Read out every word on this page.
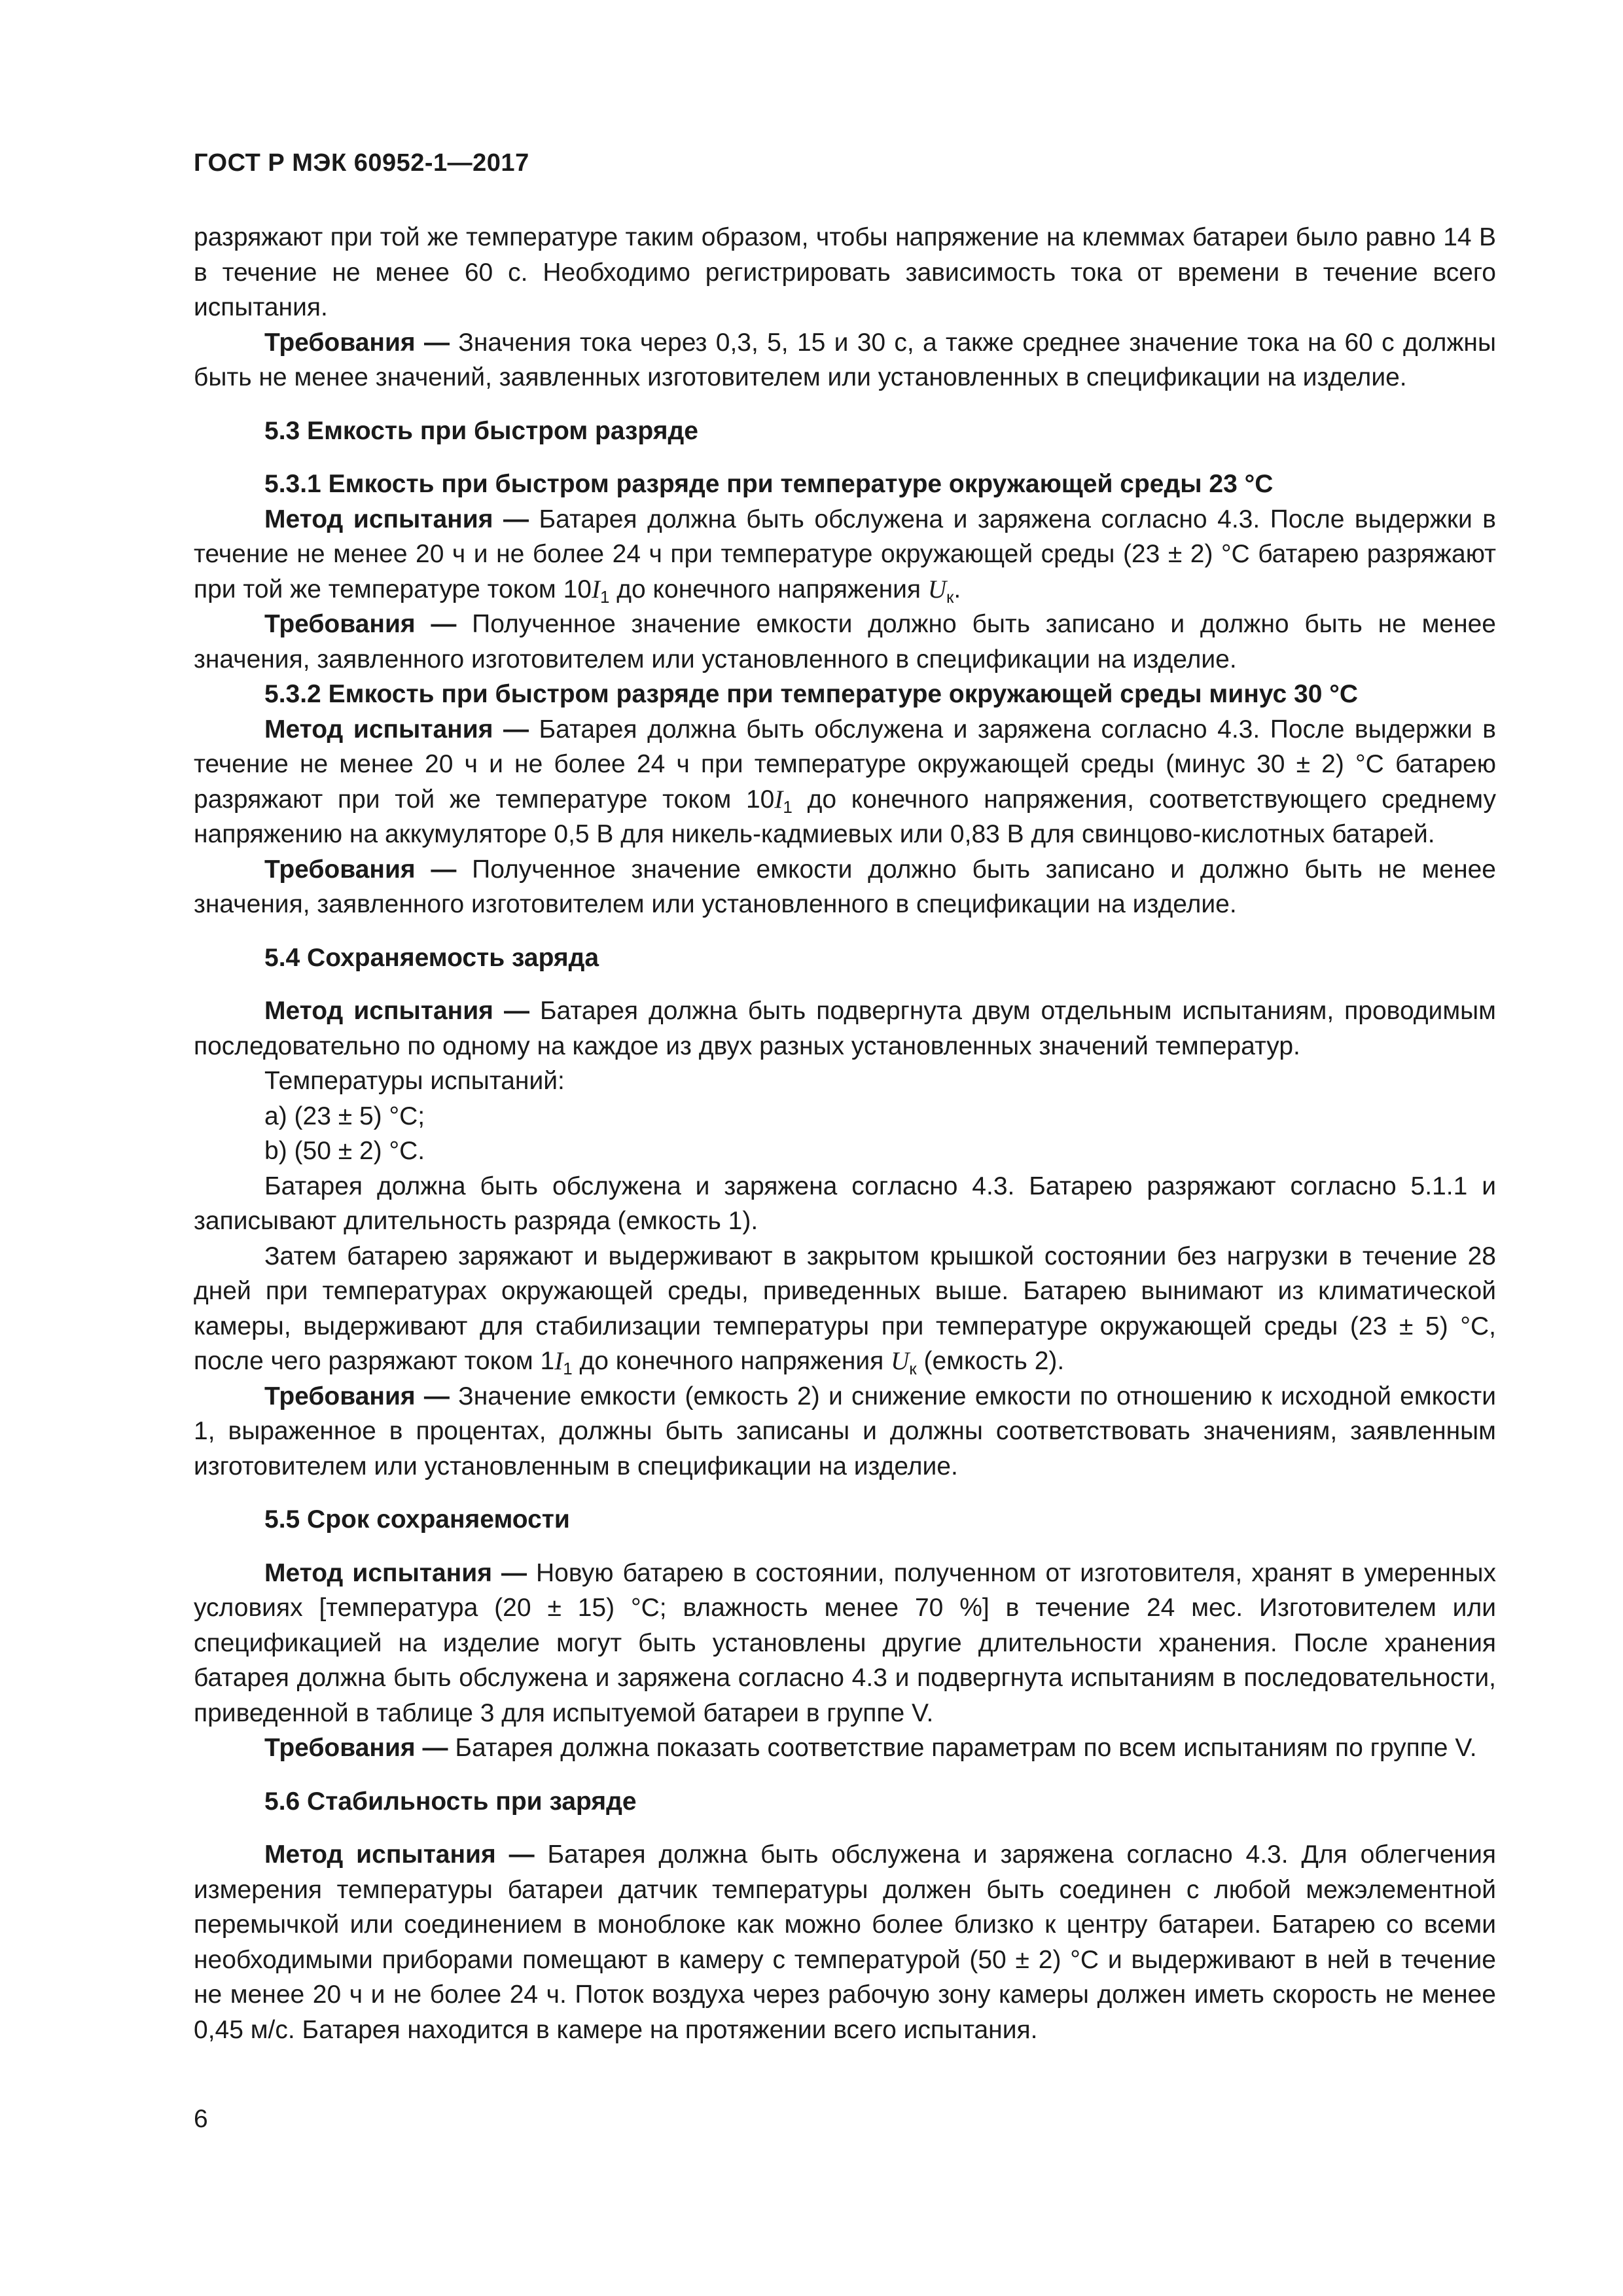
ГОСТ Р МЭК 60952-1—2017

разряжают при той же температуре таким образом, чтобы напряжение на клеммах батареи было равно 14 В в течение не менее 60 с. Необходимо регистрировать зависимость тока от времени в течение всего испытания.

Требования — Значения тока через 0,3, 5, 15 и 30 с, а также среднее значение тока на 60 с должны быть не менее значений, заявленных изготовителем или установленных в спецификации на изделие.

5.3 Емкость при быстром разряде

5.3.1 Емкость при быстром разряде при температуре окружающей среды 23 °С

Метод испытания — Батарея должна быть обслужена и заряжена согласно 4.3. После выдержки в течение не менее 20 ч и не более 24 ч при температуре окружающей среды (23 ± 2) °С батарею разряжают при той же температуре током $10I_1$ до конечного напряжения $U_к$.

Требования — Полученное значение емкости должно быть записано и должно быть не менее значения, заявленного изготовителем или установленного в спецификации на изделие.

5.3.2 Емкость при быстром разряде при температуре окружающей среды минус 30 °С

Метод испытания — Батарея должна быть обслужена и заряжена согласно 4.3. После выдержки в течение не менее 20 ч и не более 24 ч при температуре окружающей среды (минус 30 ± 2) °С батарею разряжают при той же температуре током $10I_1$ до конечного напряжения, соответствующего среднему напряжению на аккумуляторе 0,5 В для никель-кадмиевых или 0,83 В для свинцово-кислотных батарей.

Требования — Полученное значение емкости должно быть записано и должно быть не менее значения, заявленного изготовителем или установленного в спецификации на изделие.

5.4 Сохраняемость заряда

Метод испытания — Батарея должна быть подвергнута двум отдельным испытаниям, проводимым последовательно по одному на каждое из двух разных установленных значений температур.

Температуры испытаний:

a) (23 ± 5) °С;

b) (50 ± 2) °С.

Батарея должна быть обслужена и заряжена согласно 4.3. Батарею разряжают согласно 5.1.1 и записывают длительность разряда (емкость 1).

Затем батарею заряжают и выдерживают в закрытом крышкой состоянии без нагрузки в течение 28 дней при температурах окружающей среды, приведенных выше. Батарею вынимают из климатической камеры, выдерживают для стабилизации температуры при температуре окружающей среды (23 ± 5) °С, после чего разряжают током $1I_1$ до конечного напряжения $U_к$ (емкость 2).

Требования — Значение емкости (емкость 2) и снижение емкости по отношению к исходной емкости 1, выраженное в процентах, должны быть записаны и должны соответствовать значениям, заявленным изготовителем или установленным в спецификации на изделие.

5.5 Срок сохраняемости

Метод испытания — Новую батарею в состоянии, полученном от изготовителя, хранят в умеренных условиях [температура (20 ± 15) °С; влажность менее 70 %] в течение 24 мес. Изготовителем или спецификацией на изделие могут быть установлены другие длительности хранения. После хранения батарея должна быть обслужена и заряжена согласно 4.3 и подвергнута испытаниям в последовательности, приведенной в таблице 3 для испытуемой батареи в группе V.

Требования — Батарея должна показать соответствие параметрам по всем испытаниям по группе V.

5.6 Стабильность при заряде

Метод испытания — Батарея должна быть обслужена и заряжена согласно 4.3. Для облегчения измерения температуры батареи датчик температуры должен быть соединен с любой межэлементной перемычкой или соединением в моноблоке как можно более близко к центру батареи. Батарею со всеми необходимыми приборами помещают в камеру с температурой (50 ± 2) °С и выдерживают в ней в течение не менее 20 ч и не более 24 ч. Поток воздуха через рабочую зону камеры должен иметь скорость не менее 0,45 м/с. Батарея находится в камере на протяжении всего испытания.

6
